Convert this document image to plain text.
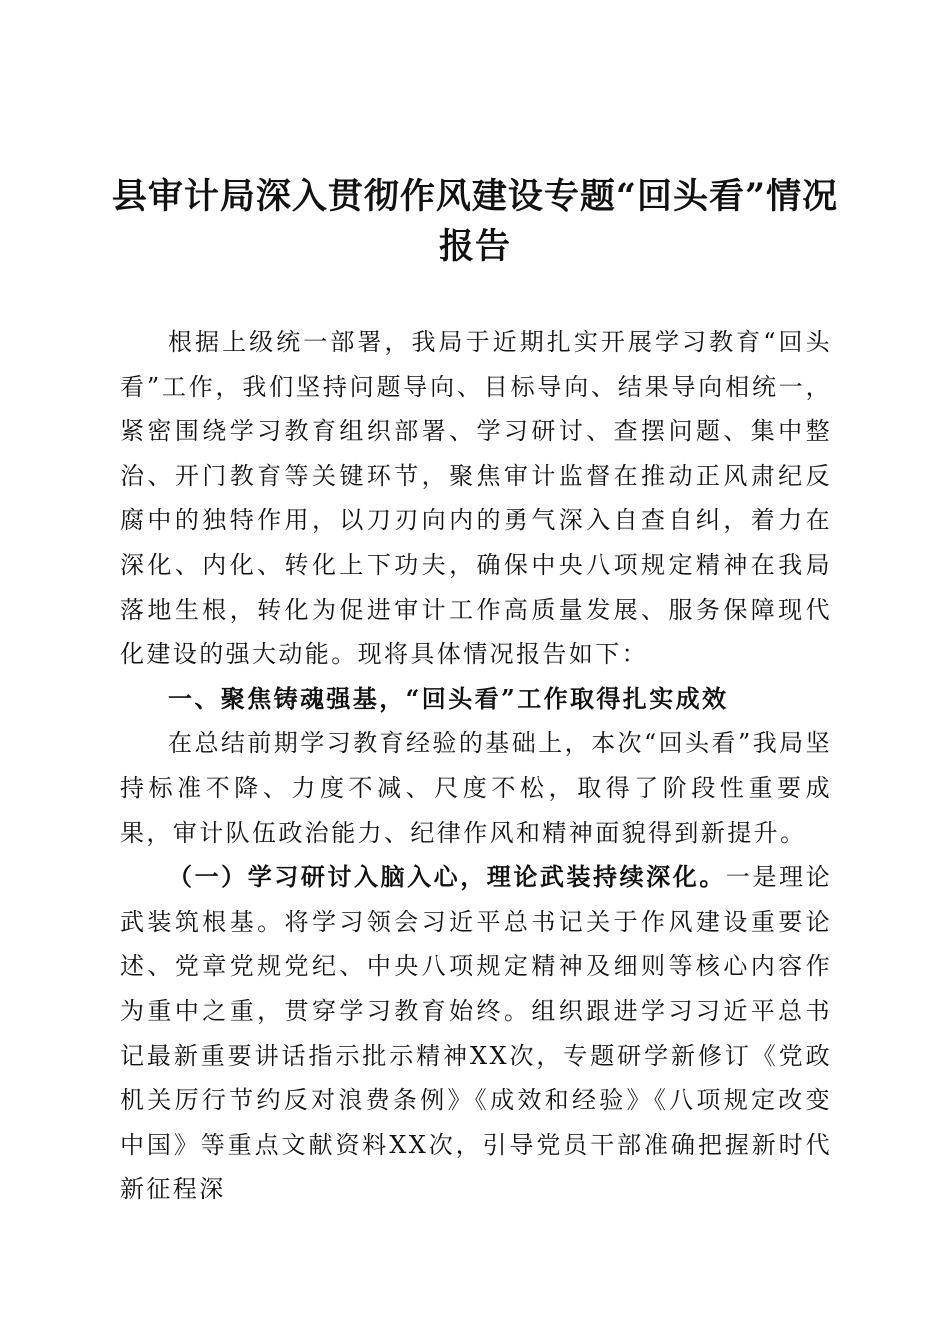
县审计局深入贯彻作风建设专题“回头看”情况报告

根据上级统一部署，我局于近期扎实开展学习教育“回头看”工作，我们坚持问题导向、目标导向、结果导向相统一，紧密围绕学习教育组织部署、学习研讨、查摆问题、集中整治、开门教育等关键环节，聚焦审计监督在推动正风肃纪反腐中的独特作用，以刀刃向内的勇气深入自查自纠，着力在深化、内化、转化上下功夫，确保中央八项规定精神在我局落地生根，转化为促进审计工作高质量发展、服务保障现代化建设的强大动能。现将具体情况报告如下：

一、聚焦铸魂强基，“回头看”工作取得扎实成效

在总结前期学习教育经验的基础上，本次“回头看”我局坚持标准不降、力度不减、尺度不松，取得了阶段性重要成果，审计队伍政治能力、纪律作风和精神面貌得到新提升。

（一）学习研讨入脑入心，理论武装持续深化。一是理论武装筑根基。将学习领会习近平总书记关于作风建设重要论述、党章党规党纪、中央八项规定精神及细则等核心内容作为重中之重，贯穿学习教育始终。组织跟进学习习近平总书记最新重要讲话指示批示精神XX次，专题研学新修订《党政机关厉行节约反对浪费条例》《成效和经验》《八项规定改变中国》等重点文献资料XX次，引导党员干部准确把握新时代新征程深
